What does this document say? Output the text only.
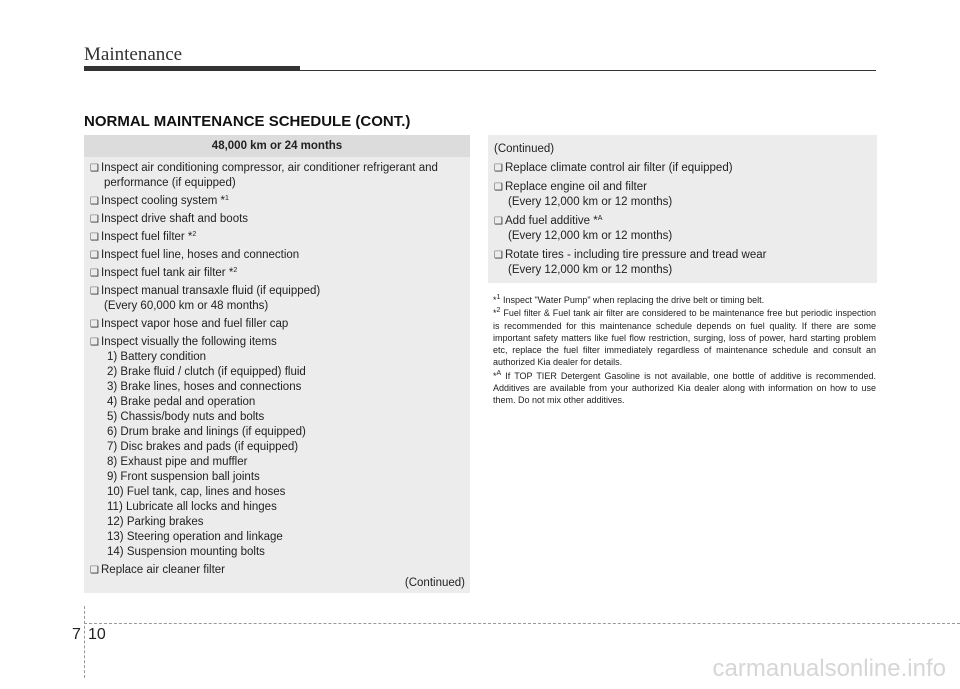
Maintenance
NORMAL MAINTENANCE SCHEDULE (CONT.)
48,000 km or 24 months
❑ Inspect air conditioning compressor, air conditioner refrigerant and
performance (if equipped)
❑ Inspect cooling system *$^1$
❑ Inspect drive shaft and boots
❑ Inspect fuel filter *$^2$
❑ Inspect fuel line, hoses and connection
❑ Inspect fuel tank air filter *$^2$
❑ Inspect manual transaxle fluid (if equipped)
(Every 60,000 km or 48 months)
❑ Inspect vapor hose and fuel filler cap
❑ Inspect visually the following items
1) Battery condition
2) Brake fluid / clutch (if equipped) fluid
3) Brake lines, hoses and connections
4) Brake pedal and operation
5) Chassis/body nuts and bolts
6) Drum brake and linings (if equipped)
7) Disc brakes and pads (if equipped)
8) Exhaust pipe and muffler
9) Front suspension ball joints
10) Fuel tank, cap, lines and hoses
11) Lubricate all locks and hinges
12) Parking brakes
13) Steering operation and linkage
14) Suspension mounting bolts
❑ Replace air cleaner filter
(Continued)
(Continued)
❑ Replace climate control air filter (if equipped)
❑ Replace engine oil and filter
(Every 12,000 km or 12 months)
❑ Add fuel additive *$^A$
(Every 12,000 km or 12 months)
❑ Rotate tires - including tire pressure and tread wear
(Every 12,000 km or 12 months)
*$^1$ Inspect "Water Pump" when replacing the drive belt or timing belt.
*$^2$ Fuel filter & Fuel tank air filter are considered to be maintenance free but periodic inspection is recommended for this maintenance schedule depends on fuel quality. If there are some important safety matters like fuel flow restriction, surging, loss of power, hard starting problem etc, replace the fuel filter immediately regardless of maintenance schedule and consult an authorized Kia dealer for details.
*$^A$ If TOP TIER Detergent Gasoline is not available, one bottle of additive is recommended. Additives are available from your authorized Kia dealer along with information on how to use them. Do not mix other additives.
7 10
carmanualsonline.info
